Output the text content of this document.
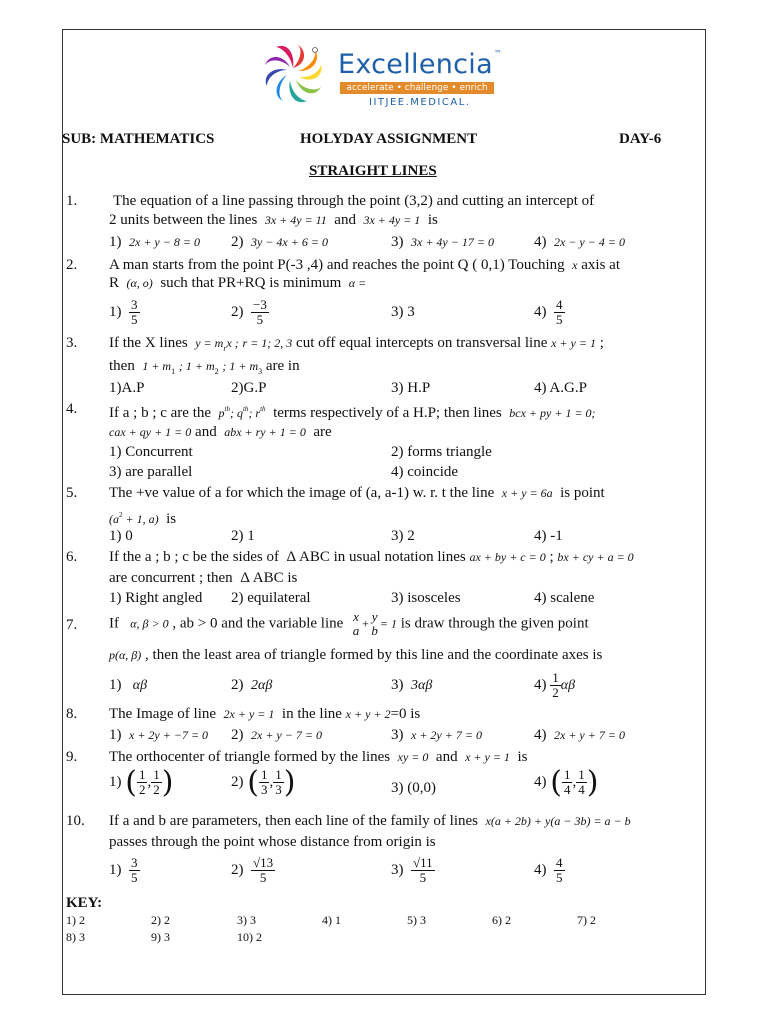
Excellencia™
accelerate • challenge • enrich
IITJEE.MEDICAL.
SUB: MATHEMATICS	HOLYDAY ASSIGNMENT	DAY-6
STRAIGHT LINES
1. The equation of a line passing through the point (3,2) and cutting an intercept of
2 units between the lines 3x + 4y = 11 and 3x + 4y = 1 is
1) 2x + y − 8 = 0 2) 3y − 4x + 6 = 0	3) 3x + 4y − 17 = 0	4) 2x − y − 4 = 0
2. A man starts from the point P(-3 ,4) and reaches the point Q ( 0,1) Touching x axis at
R (α, o) such that PR+RQ is minimum α =
$1) \frac{3}{5}$	$2) \frac{-3}{5}$	3) 3	$4) \frac{4}{5}$
3. If the X lines $y = m_rx$ ; r = 1; 2, 3 cut off equal intercepts on transversal line x + y = 1 ;
then $1 + m_1$ ; $1 + m_2$ ; $1 + m_3$ are in
1)A.P	2)G.P	3) H.P	4) A.G.P
4. If a ; b ; c are the $p^{th}$; $q^{th}$; $r^{th}$ terms respectively of a H.P; then lines bcx + py + 1 = 0;
cax + qy + 1 = 0 and abx + ry + 1 = 0 are
1) Concurrent	2) forms triangle
3) are parallel	4) coincide
5. The +ve value of a for which the image of (a, a-1) w. r. t the line x + y = 6a is point
($a^2 + 1$, a) is
1) 0	2) 1	3) 2	4) -1
6. If the a ; b ; c be the sides of Δ ABC in usual notation lines ax + by + c = 0 ; bx + cy + a = 0
are concurrent ; then Δ ABC is
1) Right angled 2) equilateral	3) isosceles	4) scalene
7. If α, β > 0 , ab > 0 and the variable line x
a + y
b = 1 is draw through the given point
p(α, β) , then the least area of triangle formed by this line and the coordinate axes is
1) αβ	2) 2αβ	3) 3αβ	$4) \frac{1}{2}$ αβ
8. The Image of line 2x + y = 1 in the line x + y + 2=0 is
1) x + 2y + −7 = 0 2) 2x + y − 7 = 0	3) x + 2y + 7 = 0	4) 2x + y + 7 = 0
9. The orthocenter of triangle formed by the lines xy = 0 and x + y = 1 is
1) ( $\frac{1}{2}$ , $\frac{1}{2}$ )	2) ( $\frac{1}{3}$ , $\frac{1}{3}$ )	3) (0,0)	4) ( $\frac{1}{4}$ , $\frac{1}{4}$ )
10. If a and b are parameters, then each line of the family of lines x(a + 2b) + y(a − 3b) = a − b
passes through the point whose distance from origin is
$1) \frac{3}{5}$	$2) \frac{√13}{5}$	$3) \frac{√11}{5}$	$4) \frac{4}{5}$
KEY:
1) 2	2) 2	3) 3	4) 1	5) 3	6) 2	7) 2
8) 3	9) 3	10) 2
